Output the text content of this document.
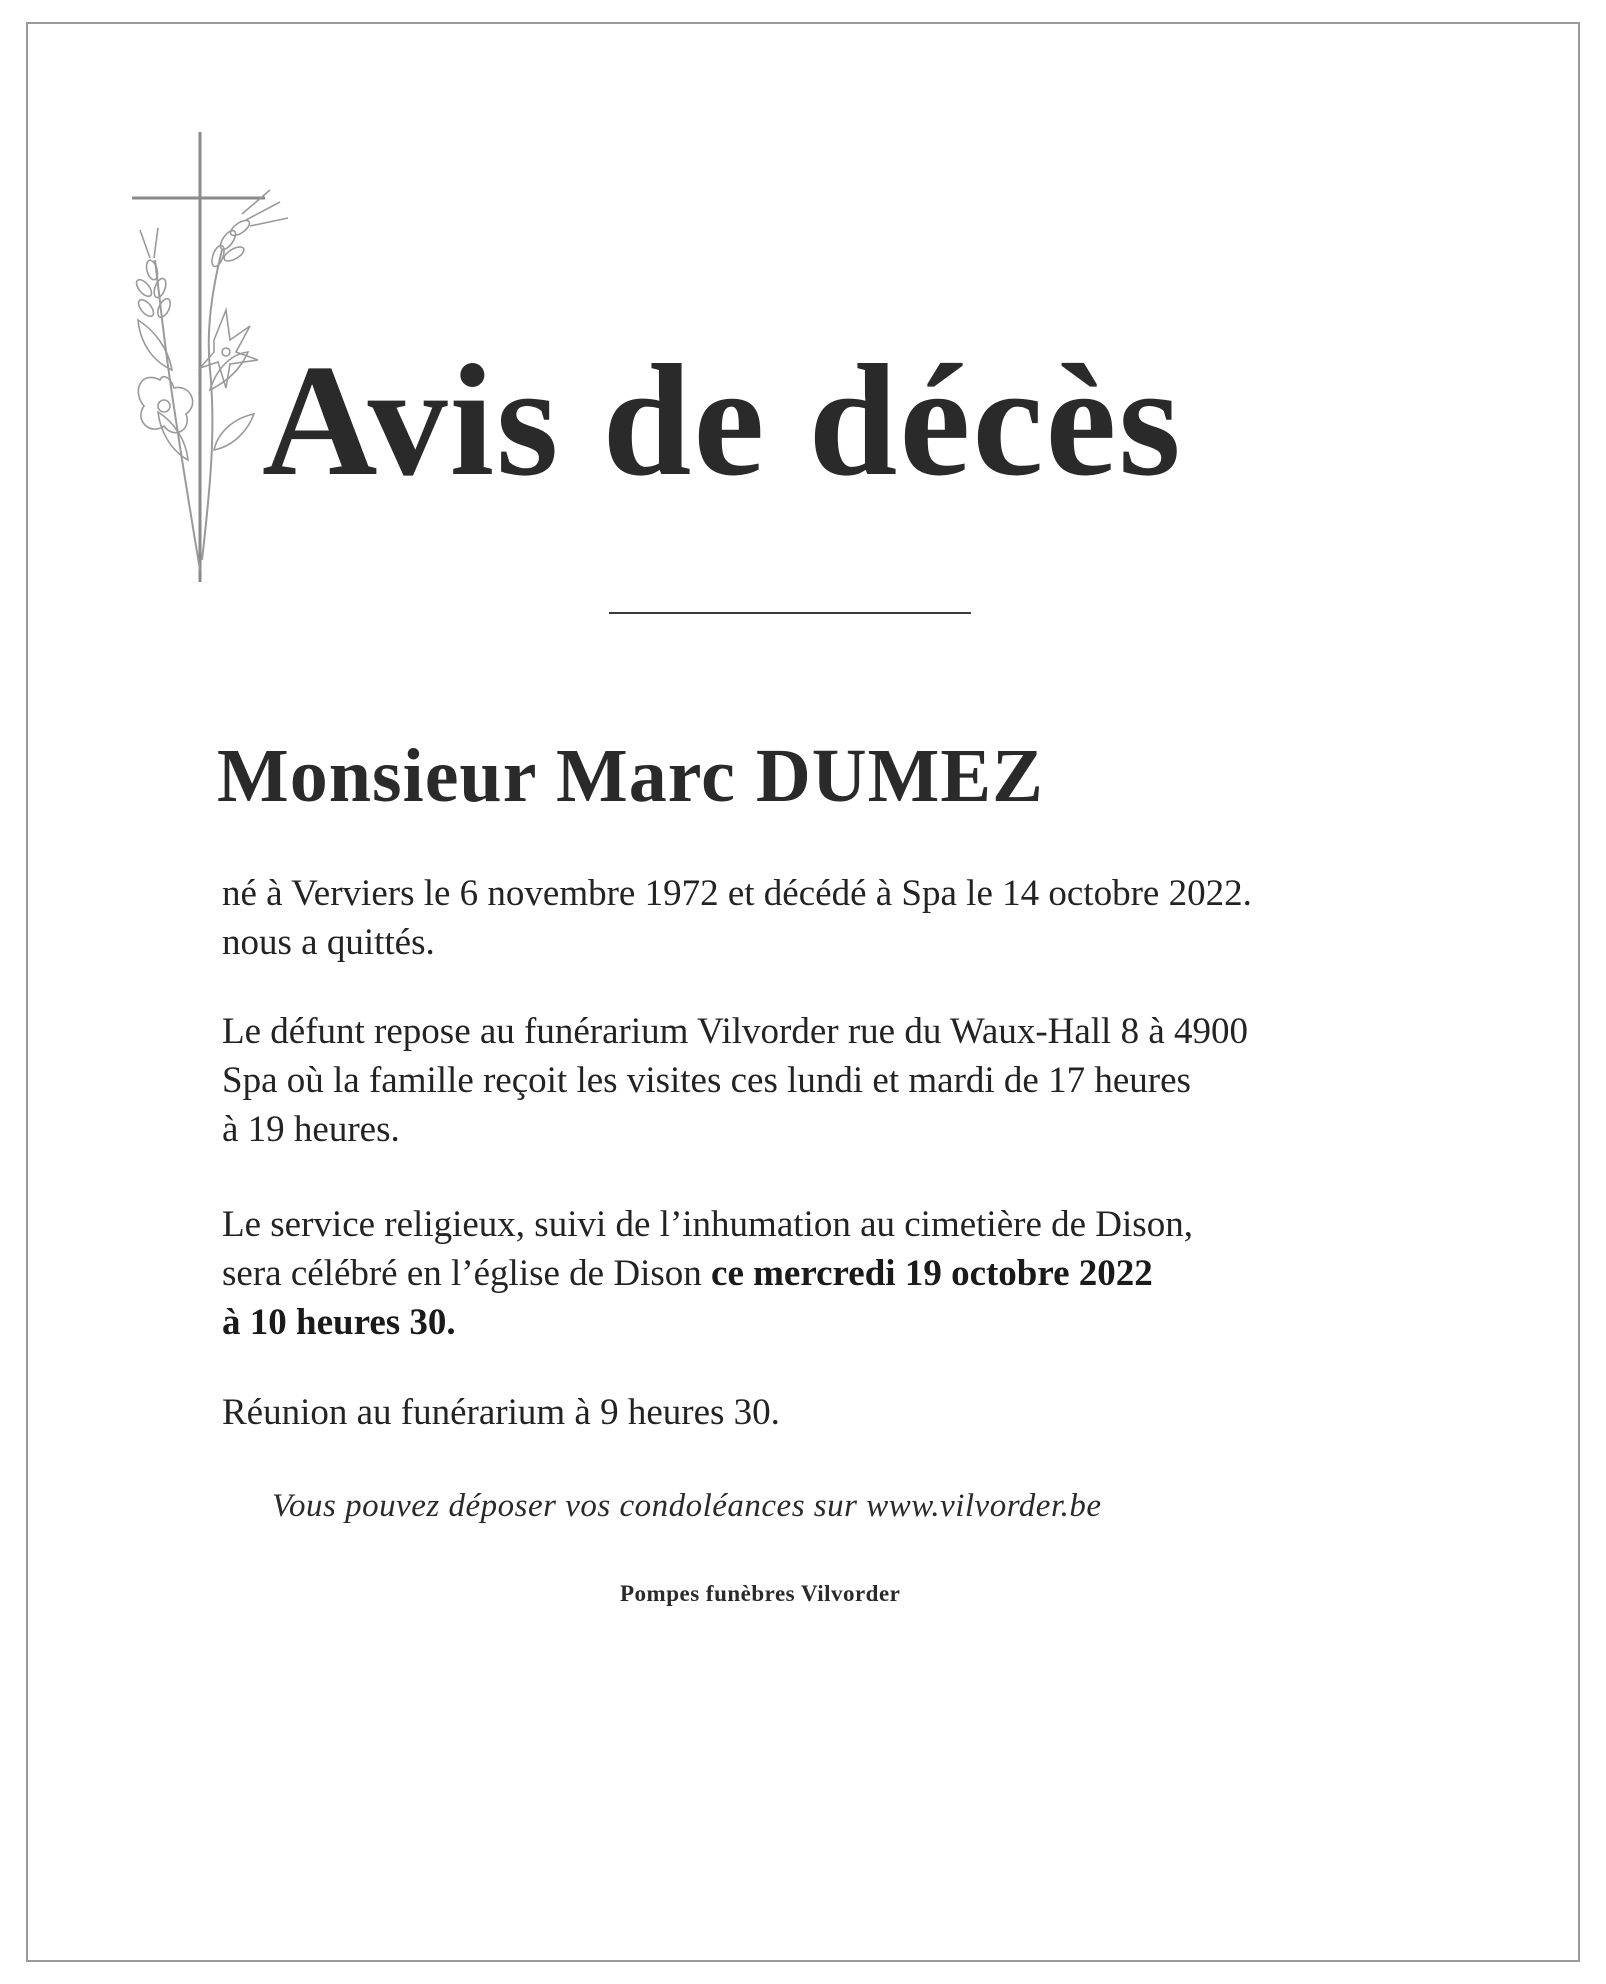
Avis de décès
Monsieur Marc DUMEZ

né à Verviers le 6 novembre 1972 et décédé à Spa le 14 octobre 2022.
nous a quittés.

Le défunt repose au funérarium Vilvorder rue du Waux-Hall 8 à 4900
Spa où la famille reçoit les visites ces lundi et mardi de 17 heures
à 19 heures.

Le service religieux, suivi de l’inhumation au cimetière de Dison,
sera célébré en l’église de Dison ce mercredi 19 octobre 2022
à 10 heures 30.

Réunion au funérarium à 9 heures 30.

Vous pouvez déposer vos condoléances sur www.vilvorder.be

Pompes funèbres Vilvorder
